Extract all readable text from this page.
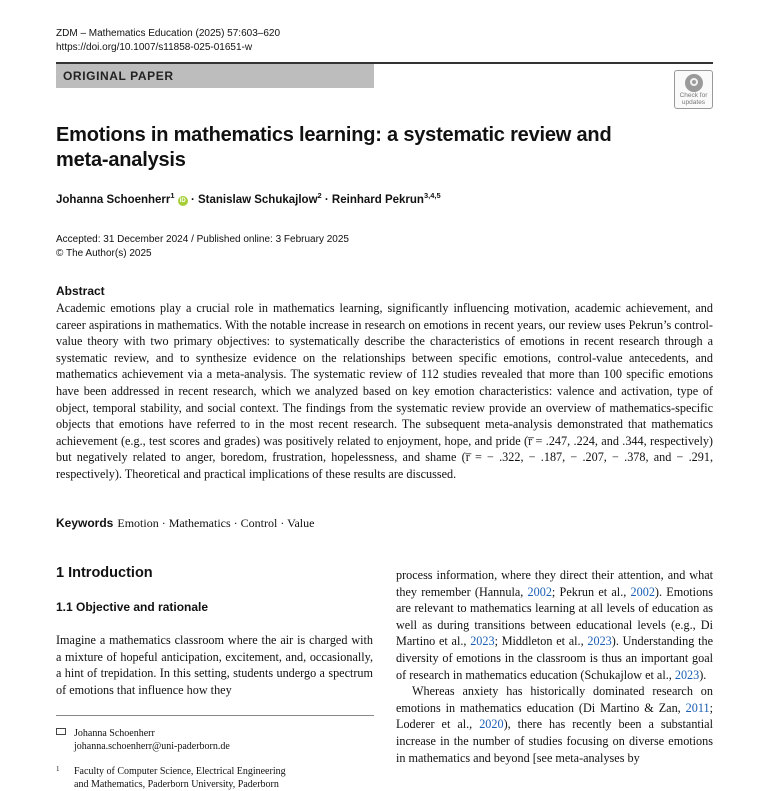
ZDM – Mathematics Education (2025) 57:603–620
https://doi.org/10.1007/s11858-025-01651-w
ORIGINAL PAPER
Check for updates
Emotions in mathematics learning: a systematic review and meta-analysis
Johanna Schoenherr$^1$ iD · Stanislaw Schukajlow$^2$ · Reinhard Pekrun$^{3,4,5}$
Accepted: 31 December 2024 / Published online: 3 February 2025
© The Author(s) 2025
Abstract
Academic emotions play a crucial role in mathematics learning, significantly influencing motivation, academic achievement, and career aspirations in mathematics. With the notable increase in research on emotions in recent years, our review uses Pekrun’s control-value theory with two primary objectives: to systematically describe the characteristics of emotions in recent research through a systematic review, and to synthesize evidence on the relationships between specific emotions, control-value antecedents, and mathematics achievement via a meta-analysis. The systematic review of 112 studies revealed that more than 100 specific emotions have been addressed in recent research, which we analyzed based on key emotion characteristics: valence and activation, type of object, temporal stability, and social context. The findings from the systematic review provide an overview of mathematics-specific objects that emotions have referred to in the most recent research. The subsequent meta-analysis demonstrated that mathematics achievement (e.g., test scores and grades) was positively related to enjoyment, hope, and pride (r̅ = .247, .224, and .344, respectively) but negatively related to anger, boredom, frustration, hopelessness, and shame (r̅ = − .322, − .187, − .207, − .378, and − .291, respectively). Theoretical and practical implications of these results are discussed.
Keywords Emotion · Mathematics · Control · Value
1 Introduction
1.1 Objective and rationale
Imagine a mathematics classroom where the air is charged with a mixture of hopeful anticipation, excitement, and, occasionally, a hint of trepidation. In this setting, students undergo a spectrum of emotions that influence how they
Johanna Schoenherr
johanna.schoenherr@uni-paderborn.de
1 Faculty of Computer Science, Electrical Engineering
and Mathematics, Paderborn University, Paderborn

process information, where they direct their attention, and what they remember (Hannula, 2002; Pekrun et al., 2002). Emotions are relevant to mathematics learning at all levels of education as well as during transitions between educational levels (e.g., Di Martino et al., 2023; Middleton et al., 2023). Understanding the diversity of emotions in the classroom is thus an important goal of research in mathematics education (Schukajlow et al., 2023).

Whereas anxiety has historically dominated research on emotions in mathematics education (Di Martino & Zan, 2011; Loderer et al., 2020), there has recently been a substantial increase in the number of studies focusing on diverse emotions in mathematics and beyond [see meta-analyses by
